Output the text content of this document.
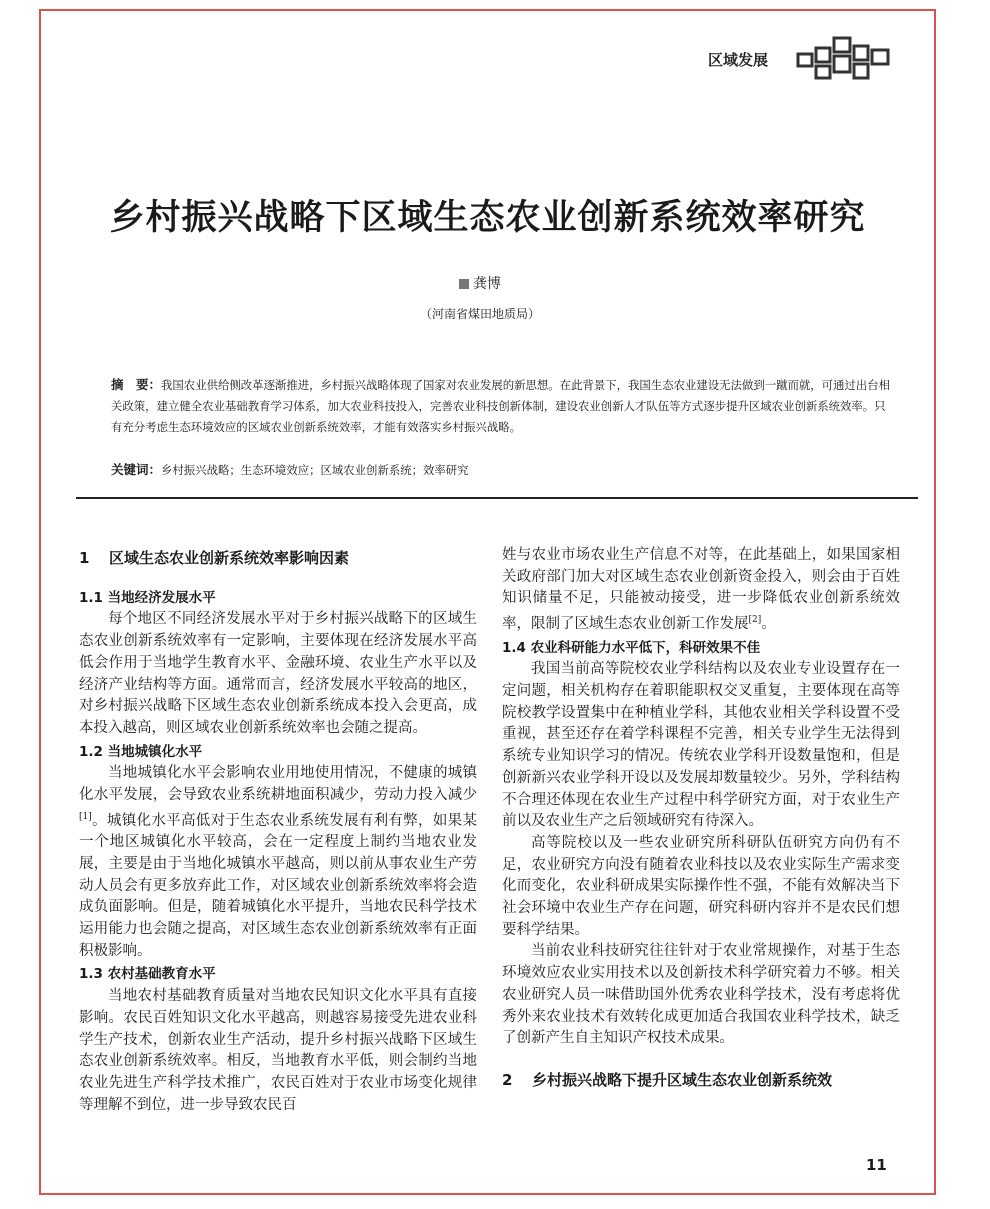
区域发展
乡村振兴战略下区域生态农业创新系统效率研究
龚博
（河南省煤田地质局）
摘　要：我国农业供给侧改革逐渐推进，乡村振兴战略体现了国家对农业发展的新思想。在此背景下，我国生态农业建设无法做到一蹴而就，可通过出台相关政策，建立健全农业基础教育学习体系，加大农业科技投入，完善农业科技创新体制，建设农业创新人才队伍等方式逐步提升区域农业创新系统效率。只有充分考虑生态环境效应的区域农业创新系统效率，才能有效落实乡村振兴战略。
关键词：乡村振兴战略；生态环境效应；区域农业创新系统；效率研究
1 区域生态农业创新系统效率影响因素
1.1 当地经济发展水平

每个地区不同经济发展水平对于乡村振兴战略下的区域生态农业创新系统效率有一定影响，主要体现在经济发展水平高低会作用于当地学生教育水平、金融环境、农业生产水平以及经济产业结构等方面。通常而言，经济发展水平较高的地区，对乡村振兴战略下区域生态农业创新系统成本投入会更高，成本投入越高，则区域农业创新系统效率也会随之提高。

1.2 当地城镇化水平

当地城镇化水平会影响农业用地使用情况，不健康的城镇化水平发展，会导致农业系统耕地面积减少，劳动力投入减少[1]。城镇化水平高低对于生态农业系统发展有利有弊，如果某一个地区城镇化水平较高，会在一定程度上制约当地农业发展，主要是由于当地化城镇水平越高，则以前从事农业生产劳动人员会有更多放弃此工作，对区域农业创新系统效率将会造成负面影响。但是，随着城镇化水平提升，当地农民科学技术运用能力也会随之提高，对区域生态农业创新系统效率有正面积极影响。

1.3 农村基础教育水平

当地农村基础教育质量对当地农民知识文化水平具有直接影响。农民百姓知识文化水平越高，则越容易接受先进农业科学生产技术，创新农业生产活动，提升乡村振兴战略下区域生态农业创新系统效率。相反，当地教育水平低，则会制约当地农业先进生产科学技术推广，农民百姓对于农业市场变化规律等理解不到位，进一步导致农民百

姓与农业市场农业生产信息不对等，在此基础上，如果国家相关政府部门加大对区域生态农业创新资金投入，则会由于百姓知识储量不足，只能被动接受，进一步降低农业创新系统效率，限制了区域生态农业创新工作发展[2]。

1.4 农业科研能力水平低下，科研效果不佳

我国当前高等院校农业学科结构以及农业专业设置存在一定问题，相关机构存在着职能职权交叉重复，主要体现在高等院校教学设置集中在种植业学科，其他农业相关学科设置不受重视，甚至还存在着学科课程不完善，相关专业学生无法得到系统专业知识学习的情况。传统农业学科开设数量饱和，但是创新新兴农业学科开设以及发展却数量较少。另外，学科结构不合理还体现在农业生产过程中科学研究方面，对于农业生产前以及农业生产之后领域研究有待深入。

高等院校以及一些农业研究所科研队伍研究方向仍有不足，农业研究方向没有随着农业科技以及农业实际生产需求变化而变化，农业科研成果实际操作性不强，不能有效解决当下社会环境中农业生产存在问题，研究科研内容并不是农民们想要科学结果。

当前农业科技研究往往针对于农业常规操作，对基于生态环境效应农业实用技术以及创新技术科学研究着力不够。相关农业研究人员一味借助国外优秀农业科学技术，没有考虑将优秀外来农业技术有效转化成更加适合我国农业科学技术，缺乏了创新产生自主知识产权技术成果。

2 乡村振兴战略下提升区域生态农业创新系统效
11
